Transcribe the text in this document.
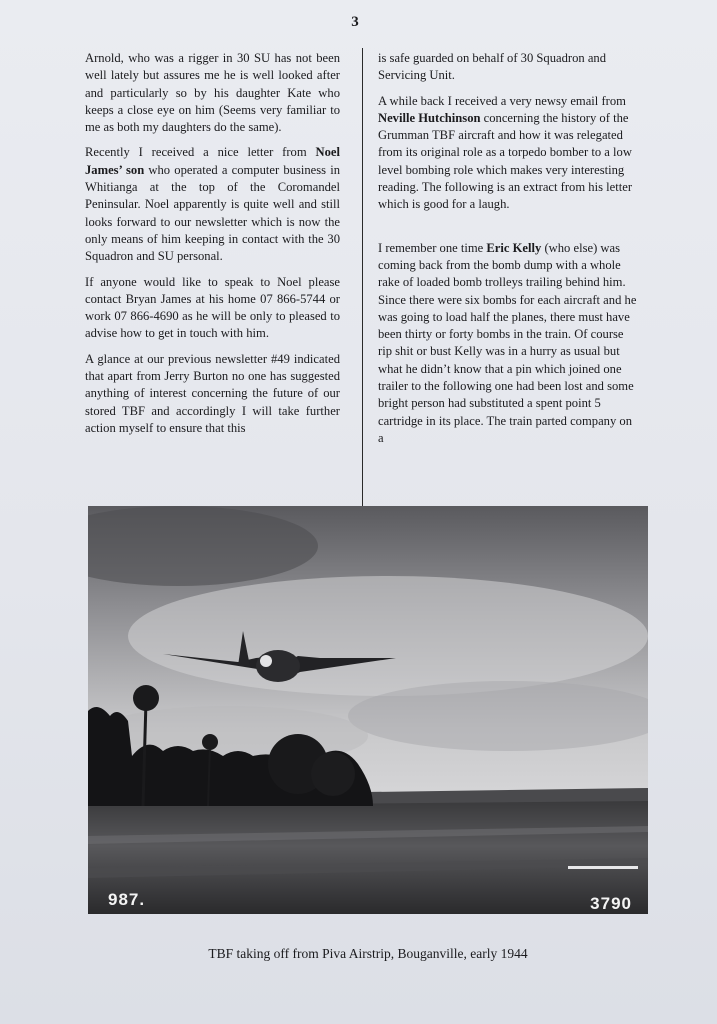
3

Arnold, who was a rigger in 30 SU has not been well lately but assures me he is well looked after and particularly so by his daughter Kate who keeps a close eye on him (Seems very familiar to me as both my daughters do the same).

Recently I received a nice letter from Noel James’ son who operated a computer business in Whitianga at the top of the Coromandel Peninsular. Noel apparently is quite well and still looks forward to our newsletter which is now the only means of him keeping in contact with the 30 Squadron and SU personal.

If anyone would like to speak to Noel please contact Bryan James at his home 07 866-5744 or work 07 866-4690 as he will be only to pleased to advise how to get in touch with him.

A glance at our previous newsletter #49 indicated that apart from Jerry Burton no one has suggested anything of interest concerning the future of our stored TBF and accordingly I will take further action myself to ensure that this

is safe guarded on behalf of 30 Squadron and Servicing Unit.

A while back I received a very newsy email from Neville Hutchinson concerning the history of the Grumman TBF aircraft and how it was relegated from its original role as a torpedo bomber to a low level bombing role which makes very interesting reading. The following is an extract from his letter which is good for a laugh.

I remember one time Eric Kelly (who else) was coming back from the bomb dump with a whole rake of loaded bomb trolleys trailing behind him. Since there were six bombs for each aircraft and he was going to load half the planes, there must have been thirty or forty bombs in the train. Of course rip shit or bust Kelly was in a hurry as usual but what he didn’t know that a pin which joined one trailer to the following one had been lost and some bright person had substituted a spent point 5 cartridge in its place. The train parted company on a

987.	3790
TBF taking off from Piva Airstrip, Bouganville, early 1944
